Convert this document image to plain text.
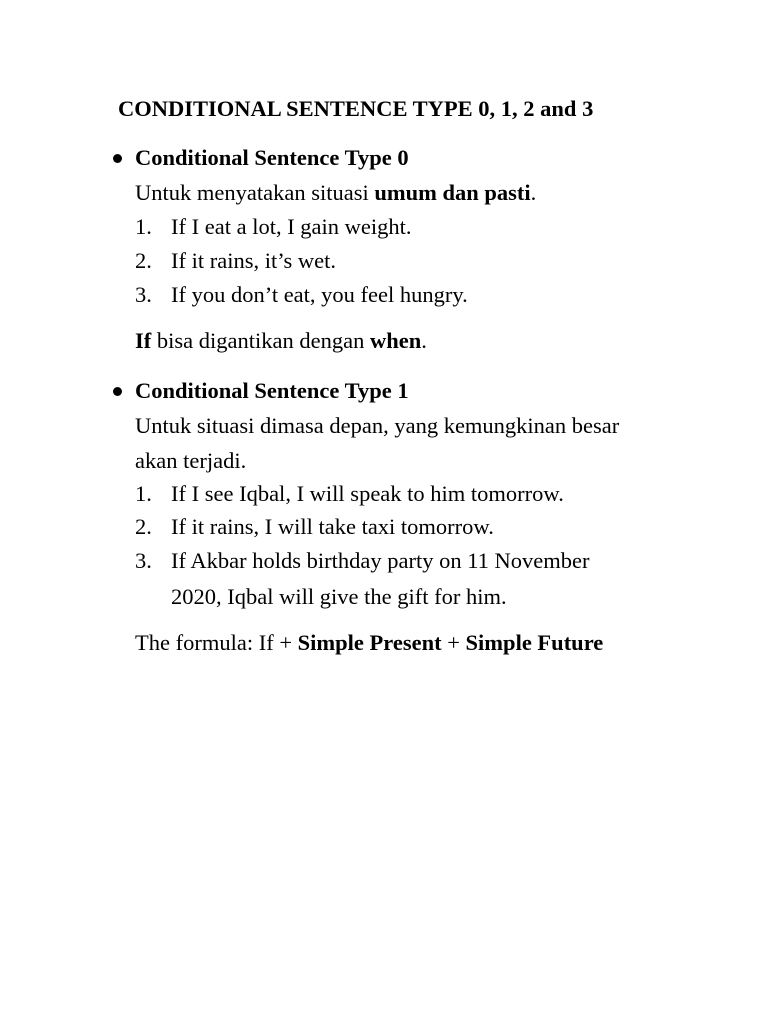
CONDITIONAL SENTENCE TYPE 0, 1, 2 and 3
Conditional Sentence Type 0
Untuk menyatakan situasi umum dan pasti.
1. If I eat a lot, I gain weight.
2. If it rains, it’s wet.
3. If you don’t eat, you feel hungry.
If bisa digantikan dengan when.
Conditional Sentence Type 1
Untuk situasi dimasa depan, yang kemungkinan besar
akan terjadi.
1. If I see Iqbal, I will speak to him tomorrow.
2. If it rains, I will take taxi tomorrow.
3. If Akbar holds birthday party on 11 November
2020, Iqbal will give the gift for him.
The formula: If + Simple Present + Simple Future
